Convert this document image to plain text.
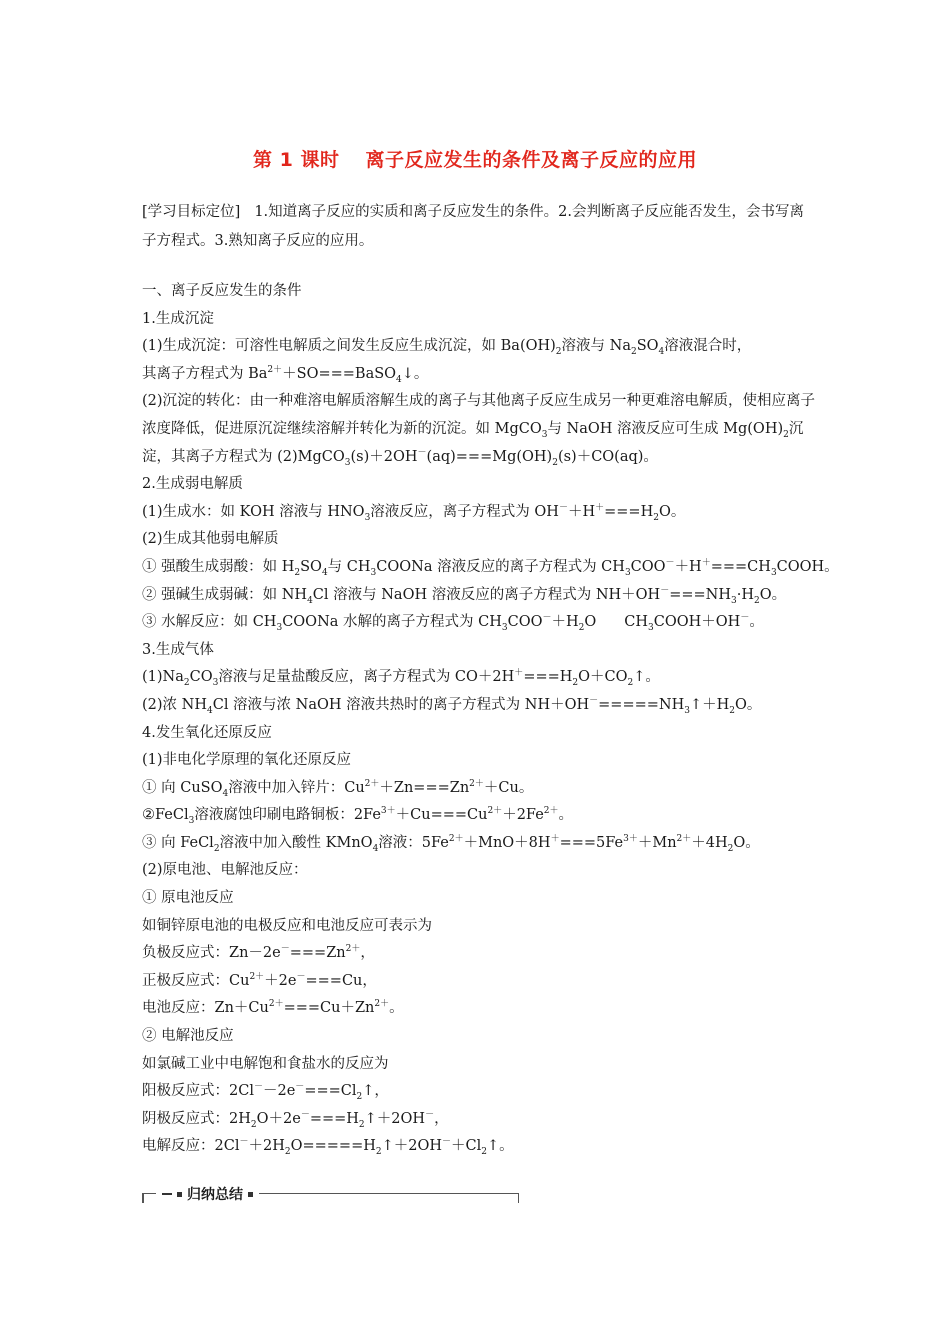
第 1 课时 离子反应发生的条件及离子反应的应用
[学习目标定位] 1.知道离子反应的实质和离子反应发生的条件。2.会判断离子反应能否发生，会书写离子方程式。3.熟知离子反应的应用。
一、离子反应发生的条件
1.生成沉淀
(1)生成沉淀：可溶性电解质之间发生反应生成沉淀，如 $Ba(OH)_2$溶液与 $Na_2SO_4$溶液混合时，
其离子方程式为 $Ba^{2+}+SO===BaSO_4↓$。
(2)沉淀的转化：由一种难溶电解质溶解生成的离子与其他离子反应生成另一种更难溶电解质，使相应离子浓度降低，促进原沉淀继续溶解并转化为新的沉淀。如 MgCO$_3$与 NaOH 溶液反应可生成 $Mg(OH)_2$沉淀，其离子方程式为 $(2)MgCO_3(s)+2OH^-(aq)===Mg(OH)_2(s)+CO(aq)$。
2.生成弱电解质
(1)生成水：如 KOH 溶液与 $HNO_3$溶液反应，离子方程式为 $OH^-+H^+===H_2O$。
(2)生成其他弱电解质
① 强酸生成弱酸：如 $H_2SO_4$与 $CH_3COONa$ 溶液反应的离子方程式为 $CH_3COO^-+H^+===CH_3COOH$。
② 强碱生成弱碱：如 $NH_4Cl$ 溶液与 NaOH 溶液反应的离子方程式为 $NH+OH^-===NH_3\cdot H_2O$。
③ 水解反应：如 $CH_3COONa$ 水解的离子方程式为 $CH_3COO^-+H_2O$ $CH_3COOH+OH^-$。
3.生成气体
$(1)Na_2CO_3$溶液与足量盐酸反应，离子方程式为 $CO+2H^+===H_2O+CO_2↑$。
(2)浓 $NH_4Cl$ 溶液与浓 NaOH 溶液共热时的离子方程式为 $NH+OH^-=====NH_3↑+H_2O$。
4.发生氧化还原反应
(1)非电化学原理的氧化还原反应
① 向 CuSO$_4$溶液中加入锌片：$Cu^{2+}+Zn===Zn^{2+}+Cu$。
②FeCl$_3$溶液腐蚀印刷电路铜板：$2Fe^{3+}+Cu===Cu^{2+}+2Fe^{2+}$。
③ 向 FeCl$_2$溶液中加入酸性 KMnO$_4$溶液：$5Fe^{2+}+MnO+8H^+===5Fe^{3+}+Mn^{2+}+4H_2O$。
(2)原电池、电解池反应：
① 原电池反应
如铜锌原电池的电极反应和电池反应可表示为
负极反应式：$Zn-2e^-===Zn^{2+}$，
正极反应式：$Cu^{2+}+2e^-===Cu$，
电池反应：$Zn+Cu^{2+}===Cu+Zn^{2+}$。
② 电解池反应
如氯碱工业中电解饱和食盐水的反应为
阳极反应式：$2Cl^--2e^-===Cl_2↑$，
阴极反应式：$2H_2O+2e^-===H_2↑+2OH^-$，
电解反应：$2Cl^-+2H_2O=====H_2↑+2OH^-+Cl_2↑$。
归纳总结
